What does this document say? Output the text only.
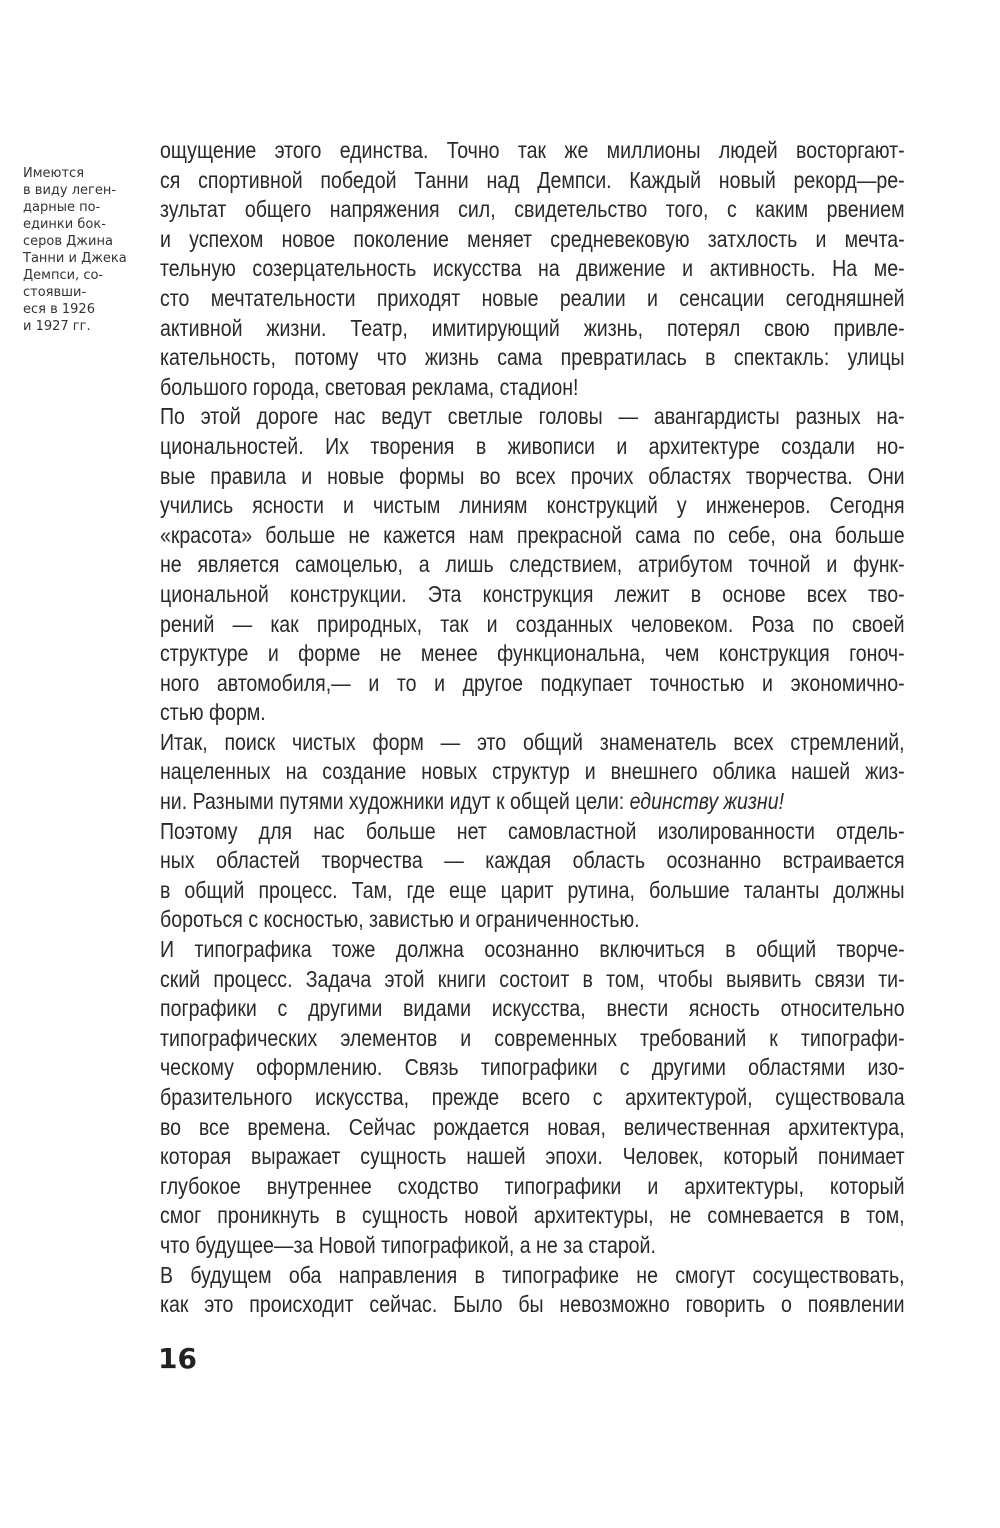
Имеются
в виду леген-
дарные по-
единки бок-
серов Джина
Танни и Джека
Демпси, со-
стоявши-
еся в 1926
и 1927 гг.
ощущение этого единства. Точно так же миллионы людей восторгают-
ся спортивной победой Танни над Демпси. Каждый новый рекорд—ре-
зультат общего напряжения сил, свидетельство того, с каким рвением
и успехом новое поколение меняет средневековую затхлость и мечта-
тельную созерцательность искусства на движение и активность. На ме-
сто мечтательности приходят новые реалии и сенсации сегодняшней
активной жизни. Театр, имитирующий жизнь, потерял свою привле-
кательность, потому что жизнь сама превратилась в спектакль: улицы
большого города, световая реклама, стадион!
По этой дороге нас ведут светлые головы — авангардисты разных на-
циональностей. Их творения в живописи и архитектуре создали но-
вые правила и новые формы во всех прочих областях творчества. Они
учились ясности и чистым линиям конструкций у инженеров. Сегодня
«красота» больше не кажется нам прекрасной сама по себе, она больше
не является самоцелью, а лишь следствием, атрибутом точной и функ-
циональной конструкции. Эта конструкция лежит в основе всех тво-
рений — как природных, так и созданных человеком. Роза по своей
структуре и форме не менее функциональна, чем конструкция гоноч-
ного автомобиля,— и то и другое подкупает точностью и экономично-
стью форм.
Итак, поиск чистых форм — это общий знаменатель всех стремлений,
нацеленных на создание новых структур и внешнего облика нашей жиз-
ни. Разными путями художники идут к общей цели: единству жизни!
Поэтому для нас больше нет самовластной изолированности отдель-
ных областей творчества — каждая область осознанно встраивается
в общий процесс. Там, где еще царит рутина, большие таланты должны
бороться с косностью, завистью и ограниченностью.
И типографика тоже должна осознанно включиться в общий творче-
ский процесс. Задача этой книги состоит в том, чтобы выявить связи ти-
пографики с другими видами искусства, внести ясность относительно
типографических элементов и современных требований к типографи-
ческому оформлению. Связь типографики с другими областями изо-
бразительного искусства, прежде всего с архитектурой, существовала
во все времена. Сейчас рождается новая, величественная архитектура,
которая выражает сущность нашей эпохи. Человек, который понимает
глубокое внутреннее сходство типографики и архитектуры, который
смог проникнуть в сущность новой архитектуры, не сомневается в том,
что будущее—за Новой типографикой, а не за старой.
В будущем оба направления в типографике не смогут сосуществовать,
как это происходит сейчас. Было бы невозможно говорить о появлении
16
